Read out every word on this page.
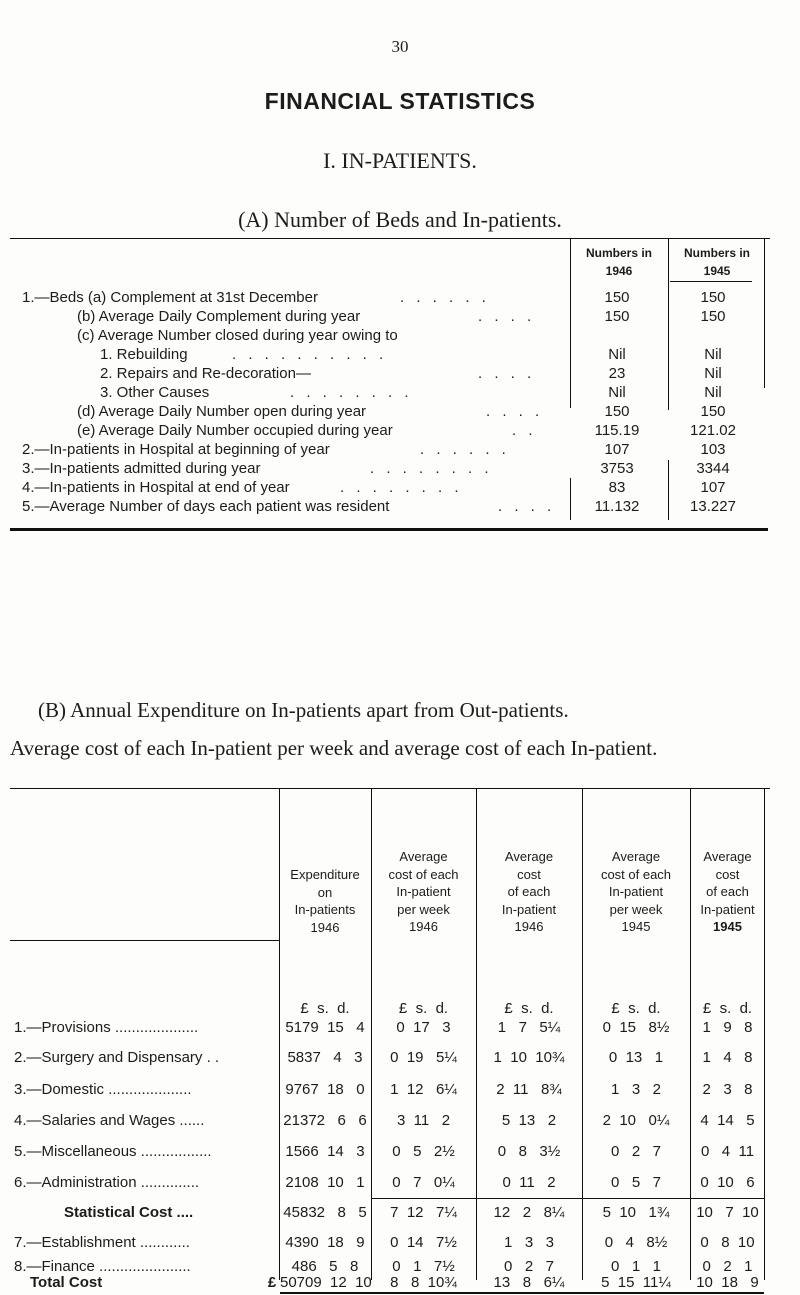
30
FINANCIAL STATISTICS
I. IN-PATIENTS.
(A) Number of Beds and In-patients.
Numbers in
1946
Numbers in
1945
1.—Beds (a) Complement at 31st December	. . . . . .	150	150
(b) Average Daily Complement during year	. . . .	150	150
(c) Average Number closed during year owing to
1. Rebuilding	. . . . . . . . . .	Nil	Nil
2. Repairs and Re-decoration—	. . . .	23	Nil
3. Other Causes	. . . . . . . .	Nil	Nil
(d) Average Daily Number open during year	. . . .	150	150
(e) Average Daily Number occupied during year	. .	115.19	121.02
2.—In-patients in Hospital at beginning of year	. . . . . .	107	103
3.—In-patients admitted during year	. . . . . . . .	3753	3344
4.—In-patients in Hospital at end of year	. . . . . . . .	83	107
5.—Average Number of days each patient was resident	. . . .	11.132	13.227
(B) Annual Expenditure on In-patients apart from Out-patients.
Average cost of each In-patient per week and average cost of each In-patient.
Expenditure
on
In-patients
1946
Average
cost of each
In-patient
per week
1946
Average
cost
of each
In-patient
1946
Average
cost of each
In-patient
per week
1945
Average
cost
of each
In-patient
1945
£  s.  d.	£  s.  d.	£  s.  d.	£  s.  d.	£  s.  d.
1.—Provisions ....................	5179  15   4	0  17   3	1   7   5¼	0  15   8½	1   9   8
2.—Surgery and Dispensary . .	5837   4   3	0  19   5¼	1  10  10¾	0  13   1	1   4   8
3.—Domestic ....................	9767  18   0	1  12   6¼	2  11   8¾	1   3   2	2   3   8
4.—Salaries and Wages ......	21372   6   6	3  11   2	5  13   2	2  10   0¼	4  14   5
5.—Miscellaneous .................	1566  14   3	0   5   2½	0   8   3½	0   2   7	0   4  11
6.—Administration ..............	2108  10   1	0   7   0¼	0  11   2	0   5   7	0  10   6
Statistical Cost ....	45832   8   5	7  12   7¼	12   2   8¼	5  10   1¾	10   7  10
7.—Establishment ............	4390  18   9	0  14   7½	1   3   3	0   4   8½	0   8  10
8.—Finance ......................	486   5   8	0   1   7½	0   2   7	0   1   1	0   2   1
Total Cost	£ 50709  12  10	8   8  10¾	13   8   6¼	5  15  11¼	10  18   9
